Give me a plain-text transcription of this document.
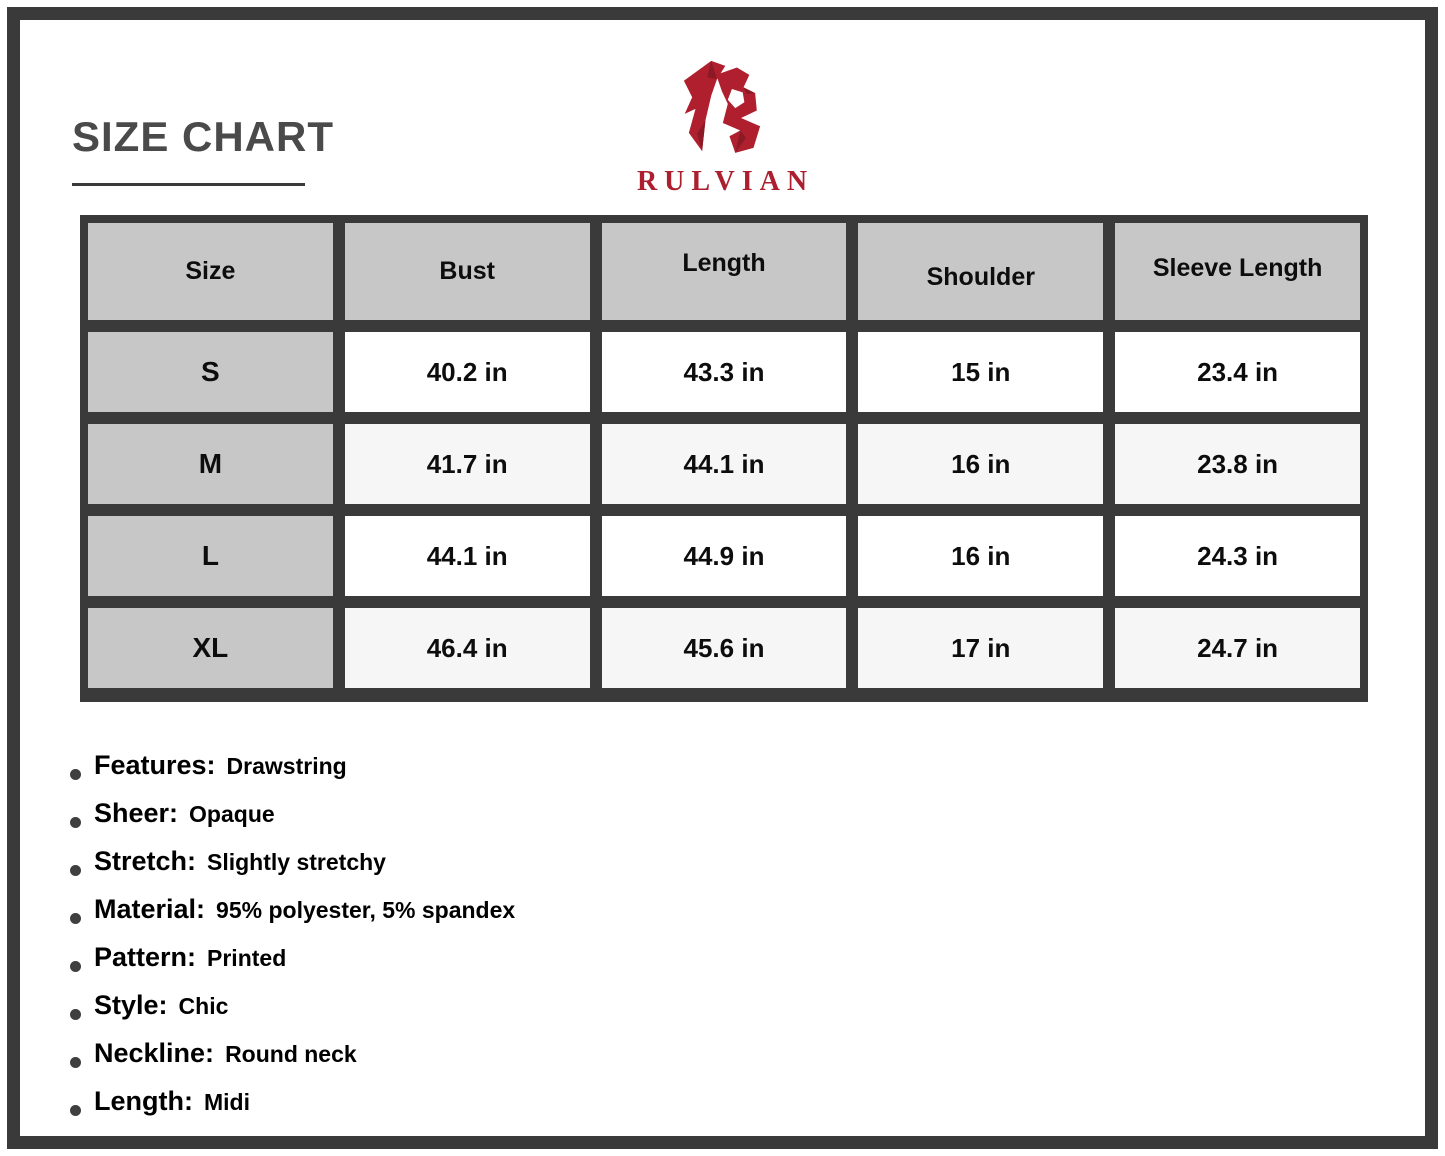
SIZE CHART
RULVIAN
Size	Bust	Length	Shoulder	Sleeve Length
S	40.2 in	43.3 in	15 in	23.4 in
M	41.7 in	44.1 in	16 in	23.8 in
L	44.1 in	44.9 in	16 in	24.3 in
XL	46.4 in	45.6 in	17 in	24.7 in
Features: Drawstring
Sheer: Opaque
Stretch: Slightly stretchy
Material: 95% polyester, 5% spandex
Pattern: Printed
Style: Chic
Neckline: Round neck
Length: Midi
